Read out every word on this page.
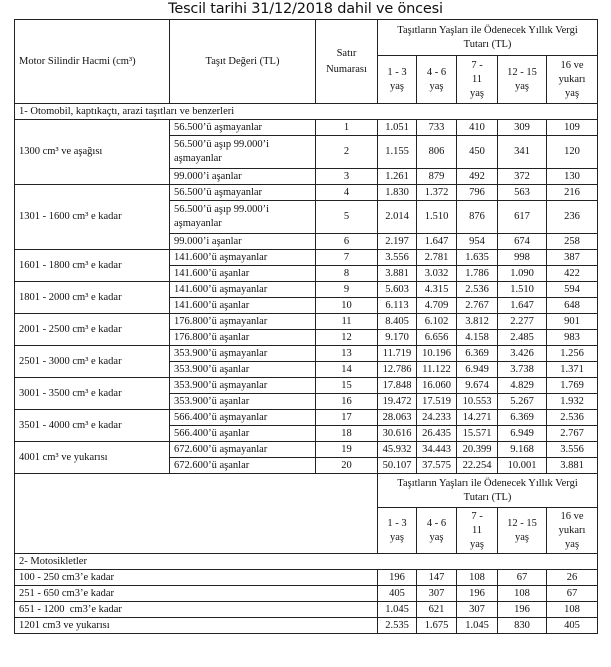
Tescil tarihi 31/12/2018 dahil ve öncesi
Motor Silindir Hacmi (cm³)	Taşıt Değeri (TL)	Satır Numarası	Taşıtların Yaşları ile Ödenecek Yıllık Vergi Tutarı (TL)				
			1 - 3 yaş	4 - 6 yaş	7 - 11 yaş	12 - 15 yaş	16 ve yukarı yaş
1- Otomobil, kaptıkaçtı, arazi taşıtları ve benzerleri							
1300 cm³ ve aşağısı	56.500’ü aşmayanlar	1	1.051	733	410	309	109
	56.500’ü aşıp 99.000’i aşmayanlar	2	1.155	806	450	341	120
	99.000’i aşanlar	3	1.261	879	492	372	130
1301 - 1600 cm³ e kadar	56.500’ü aşmayanlar	4	1.830	1.372	796	563	216
	56.500’ü aşıp 99.000’i aşmayanlar	5	2.014	1.510	876	617	236
	99.000’i aşanlar	6	2.197	1.647	954	674	258
1601 - 1800 cm³ e kadar	141.600’ü aşmayanlar	7	3.556	2.781	1.635	998	387
	141.600’ü aşanlar	8	3.881	3.032	1.786	1.090	422
1801 - 2000 cm³ e kadar	141.600’ü aşmayanlar	9	5.603	4.315	2.536	1.510	594
	141.600’ü aşanlar	10	6.113	4.709	2.767	1.647	648
2001 - 2500 cm³ e kadar	176.800’ü aşmayanlar	11	8.405	6.102	3.812	2.277	901
	176.800’ü aşanlar	12	9.170	6.656	4.158	2.485	983
2501 - 3000 cm³ e kadar	353.900’ü aşmayanlar	13	11.719	10.196	6.369	3.426	1.256
	353.900’ü aşanlar	14	12.786	11.122	6.949	3.738	1.371
3001 - 3500 cm³ e kadar	353.900’ü aşmayanlar	15	17.848	16.060	9.674	4.829	1.769
	353.900’ü aşanlar	16	19.472	17.519	10.553	5.267	1.932
3501 - 4000 cm³ e kadar	566.400’ü aşmayanlar	17	28.063	24.233	14.271	6.369	2.536
	566.400’ü aşanlar	18	30.616	26.435	15.571	6.949	2.767
4001 cm³ ve yukarısı	672.600’ü aşmayanlar	19	45.932	34.443	20.399	9.168	3.556
	672.600’ü aşanlar	20	50.107	37.575	22.254	10.001	3.881
			Taşıtların Yaşları ile Ödenecek Yıllık Vergi Tutarı (TL)				
			1 - 3 yaş	4 - 6 yaş	7 - 11 yaş	12 - 15 yaş	16 ve yukarı yaş
2- Motosikletler							
100 - 250 cm3’e kadar			196	147	108	67	26
251 - 650 cm3’e kadar			405	307	196	108	67
651 - 1200  cm3’e kadar			1.045	621	307	196	108
1201 cm3 ve yukarısı			2.535	1.675	1.045	830	405
